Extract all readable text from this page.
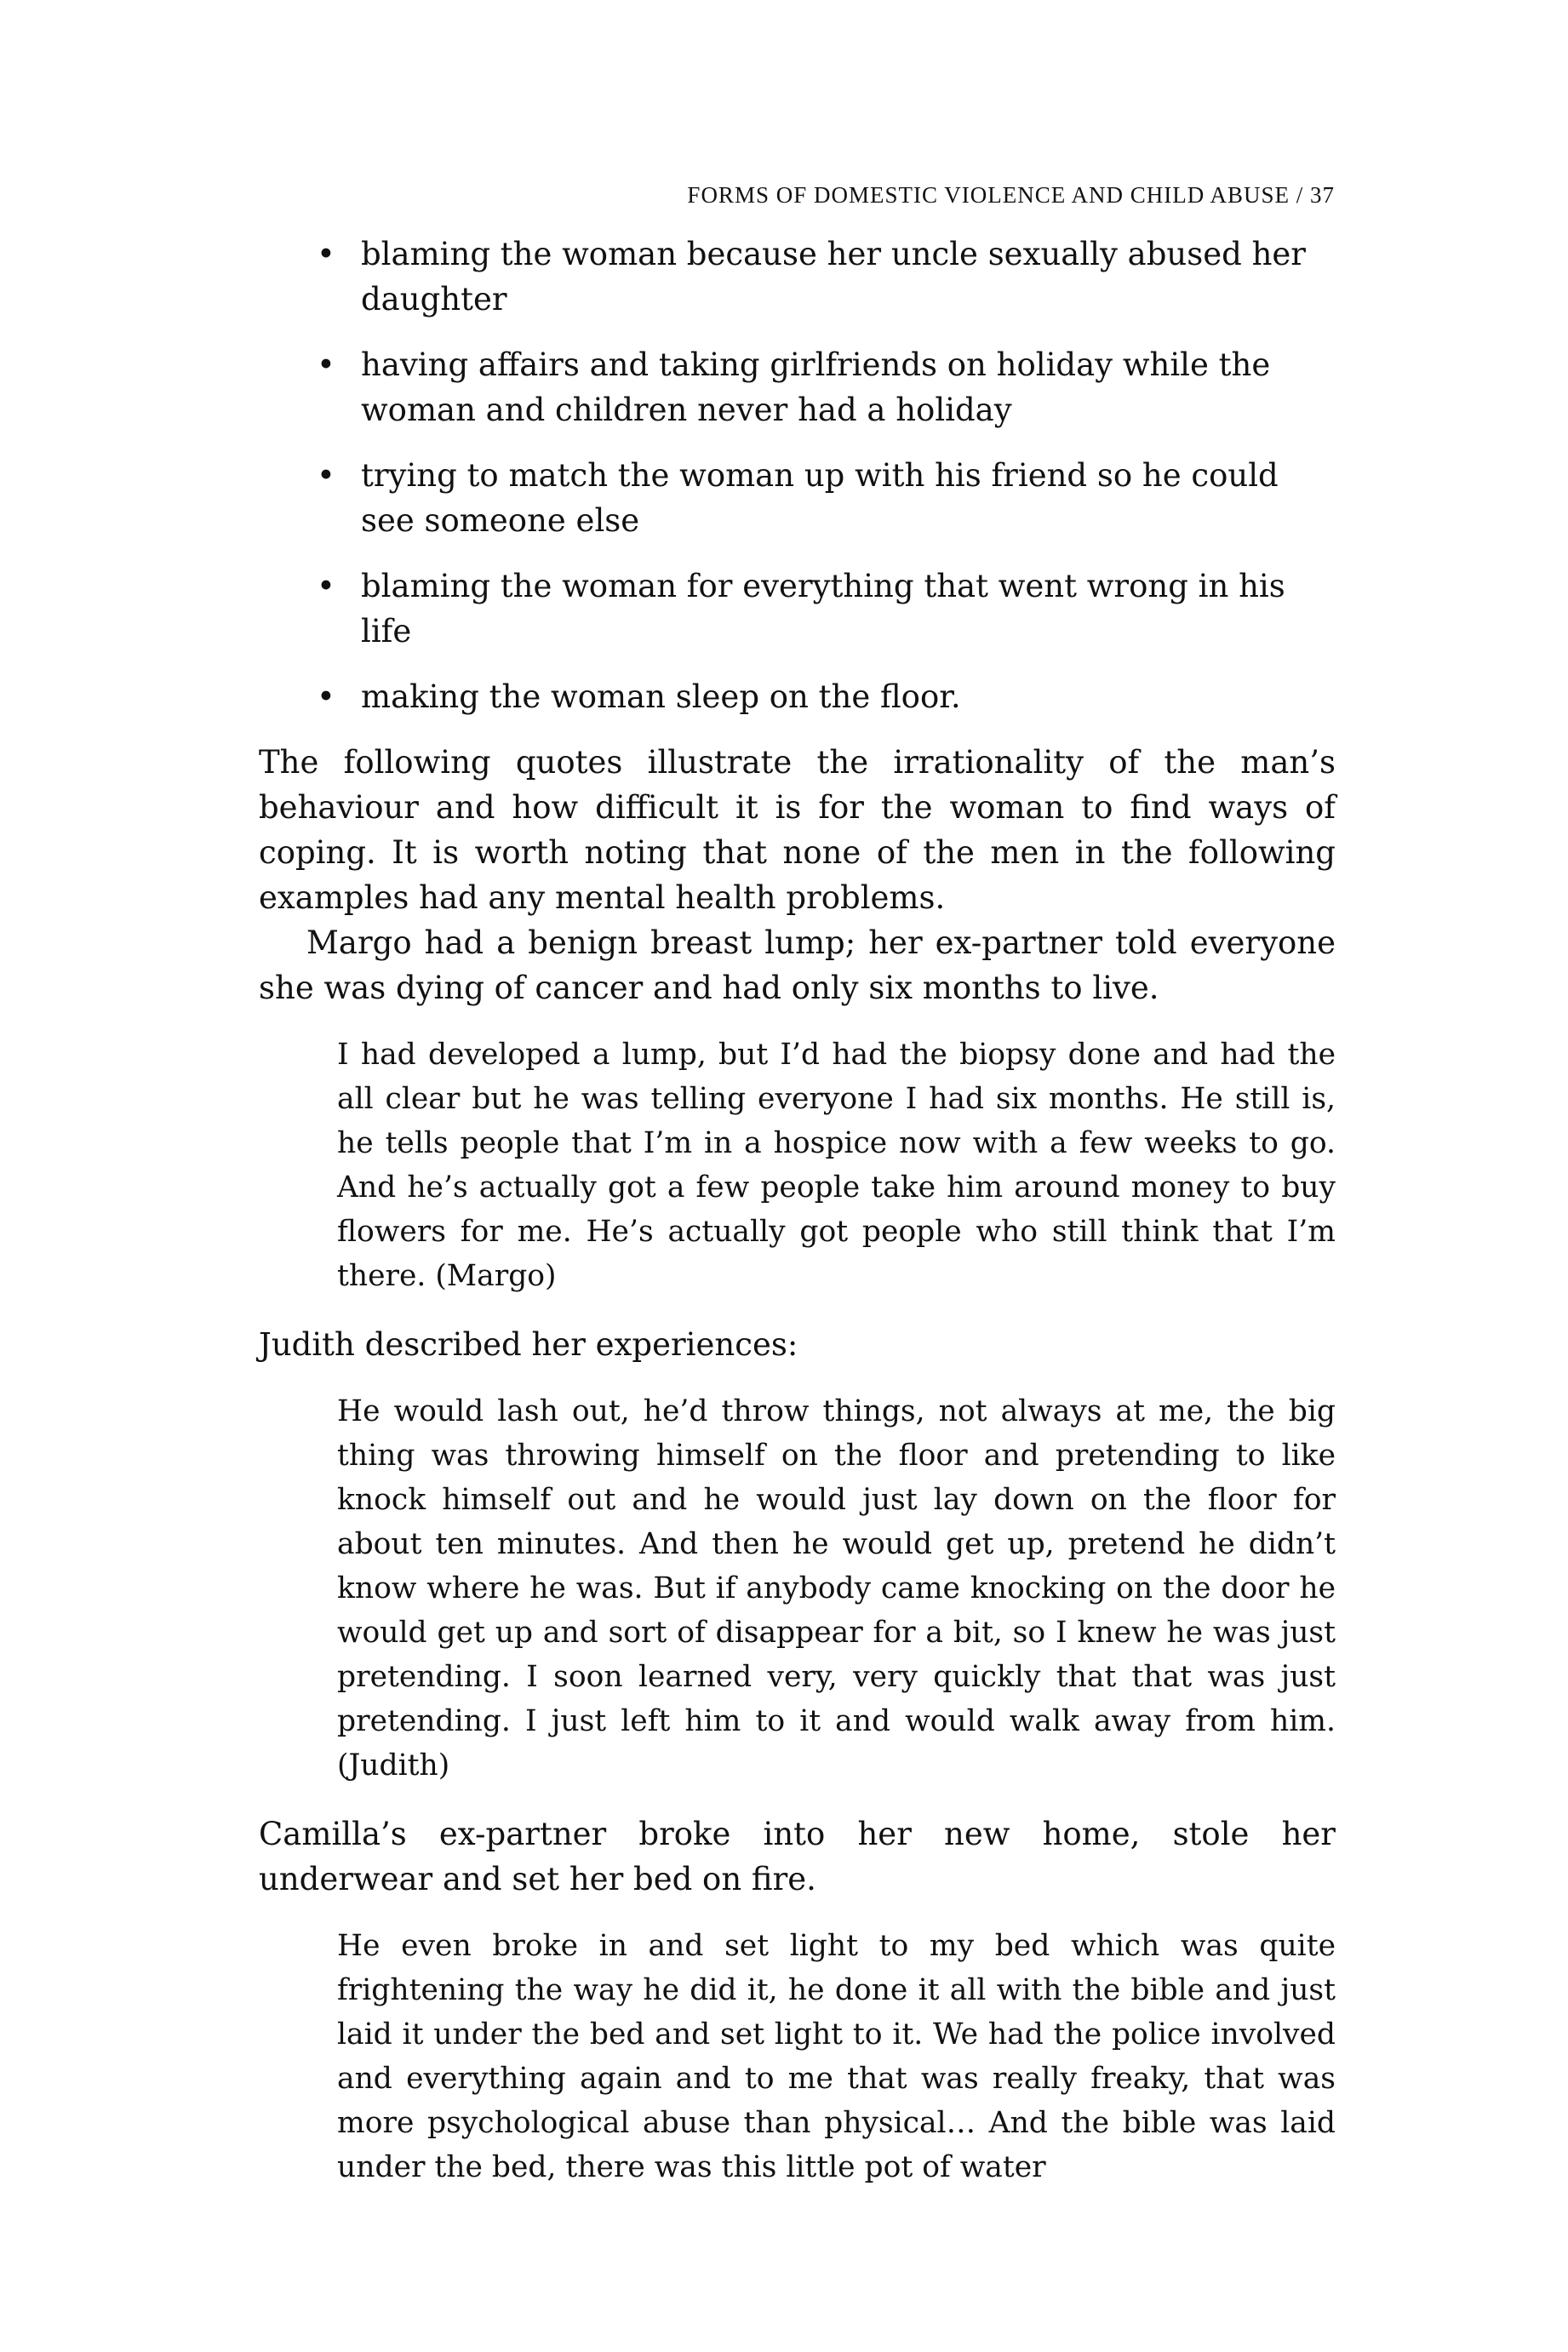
FORMS OF DOMESTIC VIOLENCE AND CHILD ABUSE / 37
• blaming the woman because her uncle sexually abused her daughter
• having affairs and taking girlfriends on holiday while the woman and children never had a holiday
• trying to match the woman up with his friend so he could see someone else
• blaming the woman for everything that went wrong in his life
• making the woman sleep on the floor.

The following quotes illustrate the irrationality of the man’s behaviour and how difficult it is for the woman to find ways of coping. It is worth noting that none of the men in the following examples had any mental health problems.

Margo had a benign breast lump; her ex-partner told everyone she was dying of cancer and had only six months to live.

I had developed a lump, but I’d had the biopsy done and had the all clear but he was telling everyone I had six months. He still is, he tells people that I’m in a hospice now with a few weeks to go. And he’s actually got a few people take him around money to buy flowers for me. He’s actually got people who still think that I’m there. (Margo)

Judith described her experiences:

He would lash out, he’d throw things, not always at me, the big thing was throwing himself on the floor and pretending to like knock himself out and he would just lay down on the floor for about ten minutes. And then he would get up, pretend he didn’t know where he was. But if anybody came knocking on the door he would get up and sort of disappear for a bit, so I knew he was just pretending. I soon learned very, very quickly that that was just pretending. I just left him to it and would walk away from him. (Judith)

Camilla’s ex-partner broke into her new home, stole her underwear and set her bed on fire.

He even broke in and set light to my bed which was quite frightening the way he did it, he done it all with the bible and just laid it under the bed and set light to it. We had the police involved and everything again and to me that was really freaky, that was more psychological abuse than physical… And the bible was laid under the bed, there was this little pot of water
